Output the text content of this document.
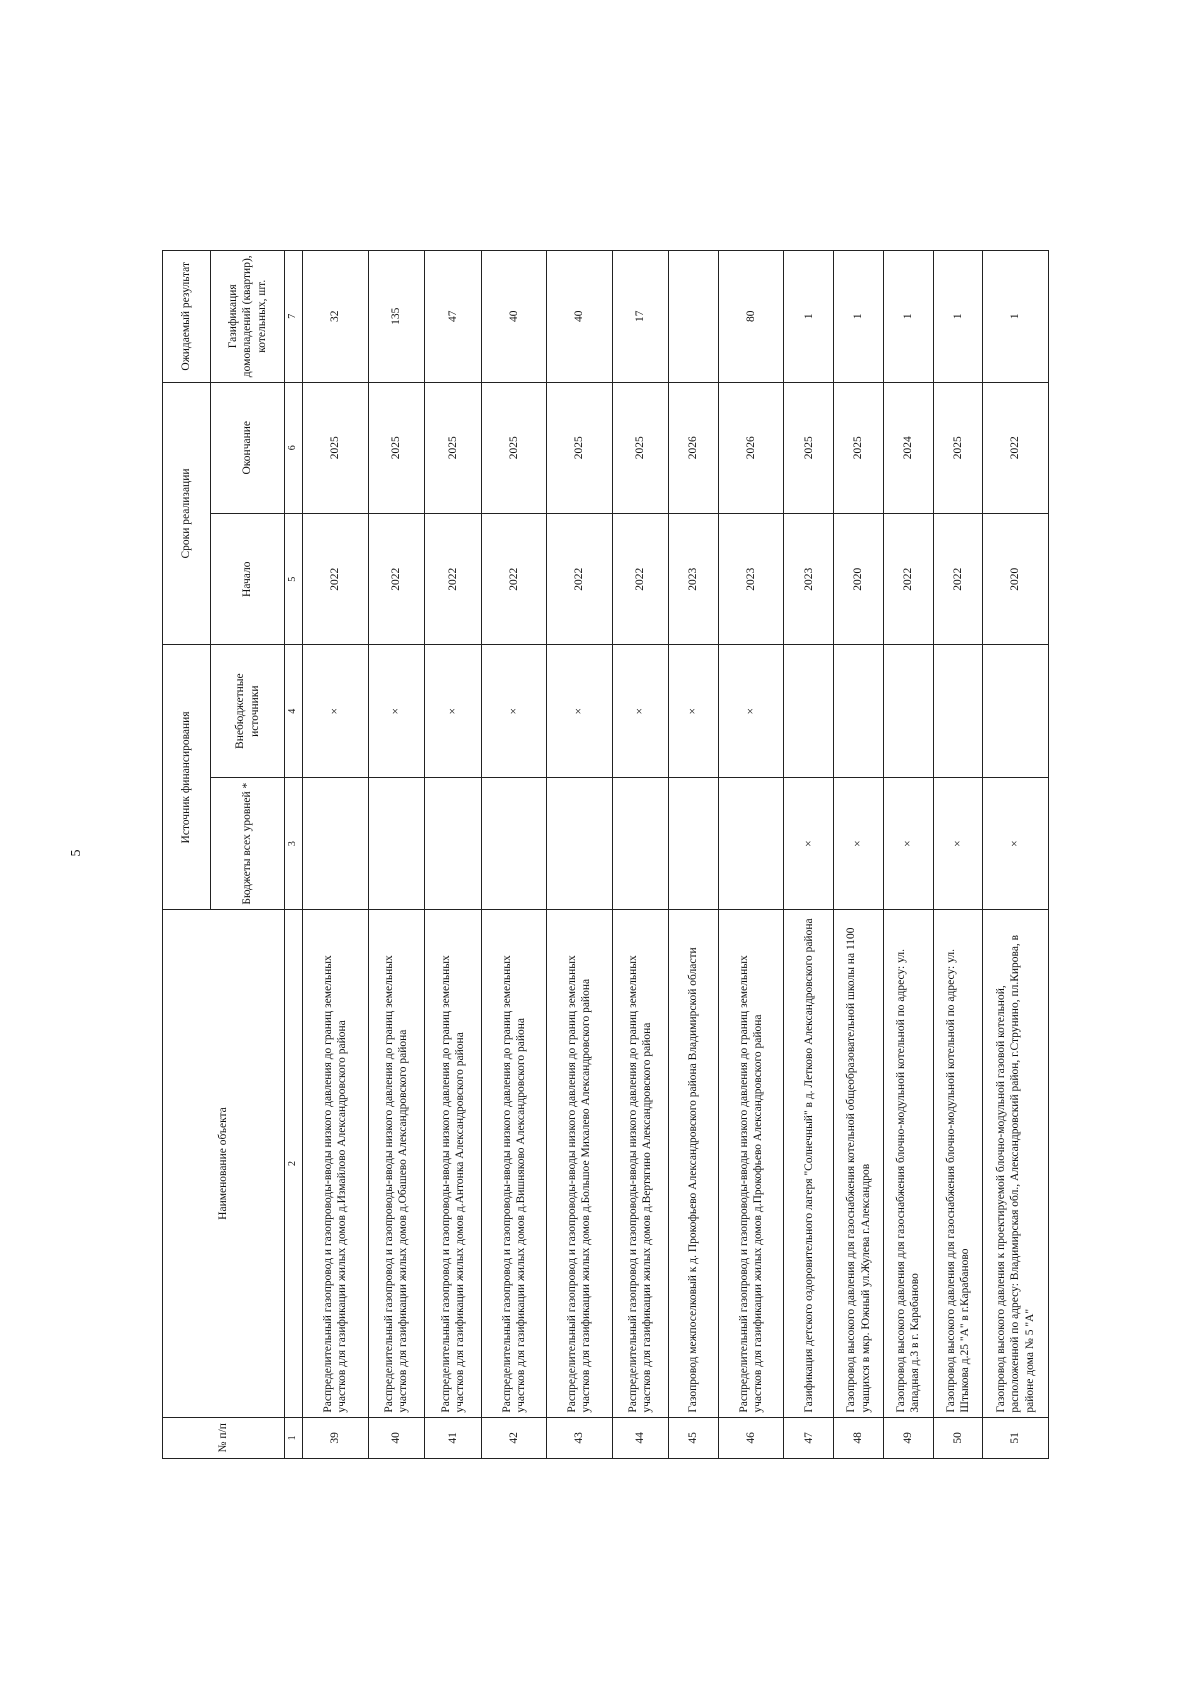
5
№ п/п	Наименование объекта	Источник финансирования		Сроки реализации		Ожидаемый результат
		Бюджеты всех уровней *	Внебюджетные источники	Начало	Окончание	Газификация домовладений (квартир), котельных, шт.
1	2	3	4	5	6	7
39	Распределительный газопровод и газопроводы-вводы низкого давления до границ земельных участков для газификации жилых домов д.Измайлово Александровского района		×	2022	2025	32
40	Распределительный газопровод и газопроводы-вводы низкого давления до границ земельных участков для газификации жилых домов д.Обашево Александровского района		×	2022	2025	135
41	Распределительный газопровод и газопроводы-вводы низкого давления до границ земельных участков для газификации жилых домов д.Антонка Александровского района		×	2022	2025	47
42	Распределительный газопровод и газопроводы-вводы низкого давления до границ земельных участков для газификации жилых домов д.Вишняково Александровского района		×	2022	2025	40
43	Распределительный газопровод и газопроводы-вводы низкого давления до границ земельных участков для газификации жилых домов д.Большое Михалево Александровского района		×	2022	2025	40
44	Распределительный газопровод и газопроводы-вводы низкого давления до границ земельных участков для газификации жилых домов д.Вертягино Александровского района		×	2022	2025	17
45	Газопровод межпоселковый к д. Прокофьево Александровского района Владимирской области		×	2023	2026	
46	Распределительный газопровод и газопроводы-вводы низкого давления до границ земельных участков для газификации жилых домов д.Прокофьево Александровского района		×	2023	2026	80
47	Газификация детского оздоровительного лагеря "Солнечный" в д. Летково Александровского района	×		2023	2025	1
48	Газопровод высокого давления для газоснабжения котельной общеобразовательной школы на 1100 учащихся в мкр. Южный ул.Жулева г.Александров	×		2020	2025	1
49	Газопровод высокого давления для газоснабжения блочно-модульной котельной по адресу: ул. Западная д.3 в г. Карабаново	×		2022	2024	1
50	Газопровод высокого давления для газоснабжения блочно-модульной котельной по адресу: ул. Штыкова д.25 "А" в г.Карабаново	×		2022	2025	1
51	Газопровод высокого давления к проектируемой блочно-модульной газовой котельной, расположенной по адресу: Владимирская обл., Александровский район, г.Струнино, пл.Кирова, в районе дома № 5 "А"	×		2020	2022	1
